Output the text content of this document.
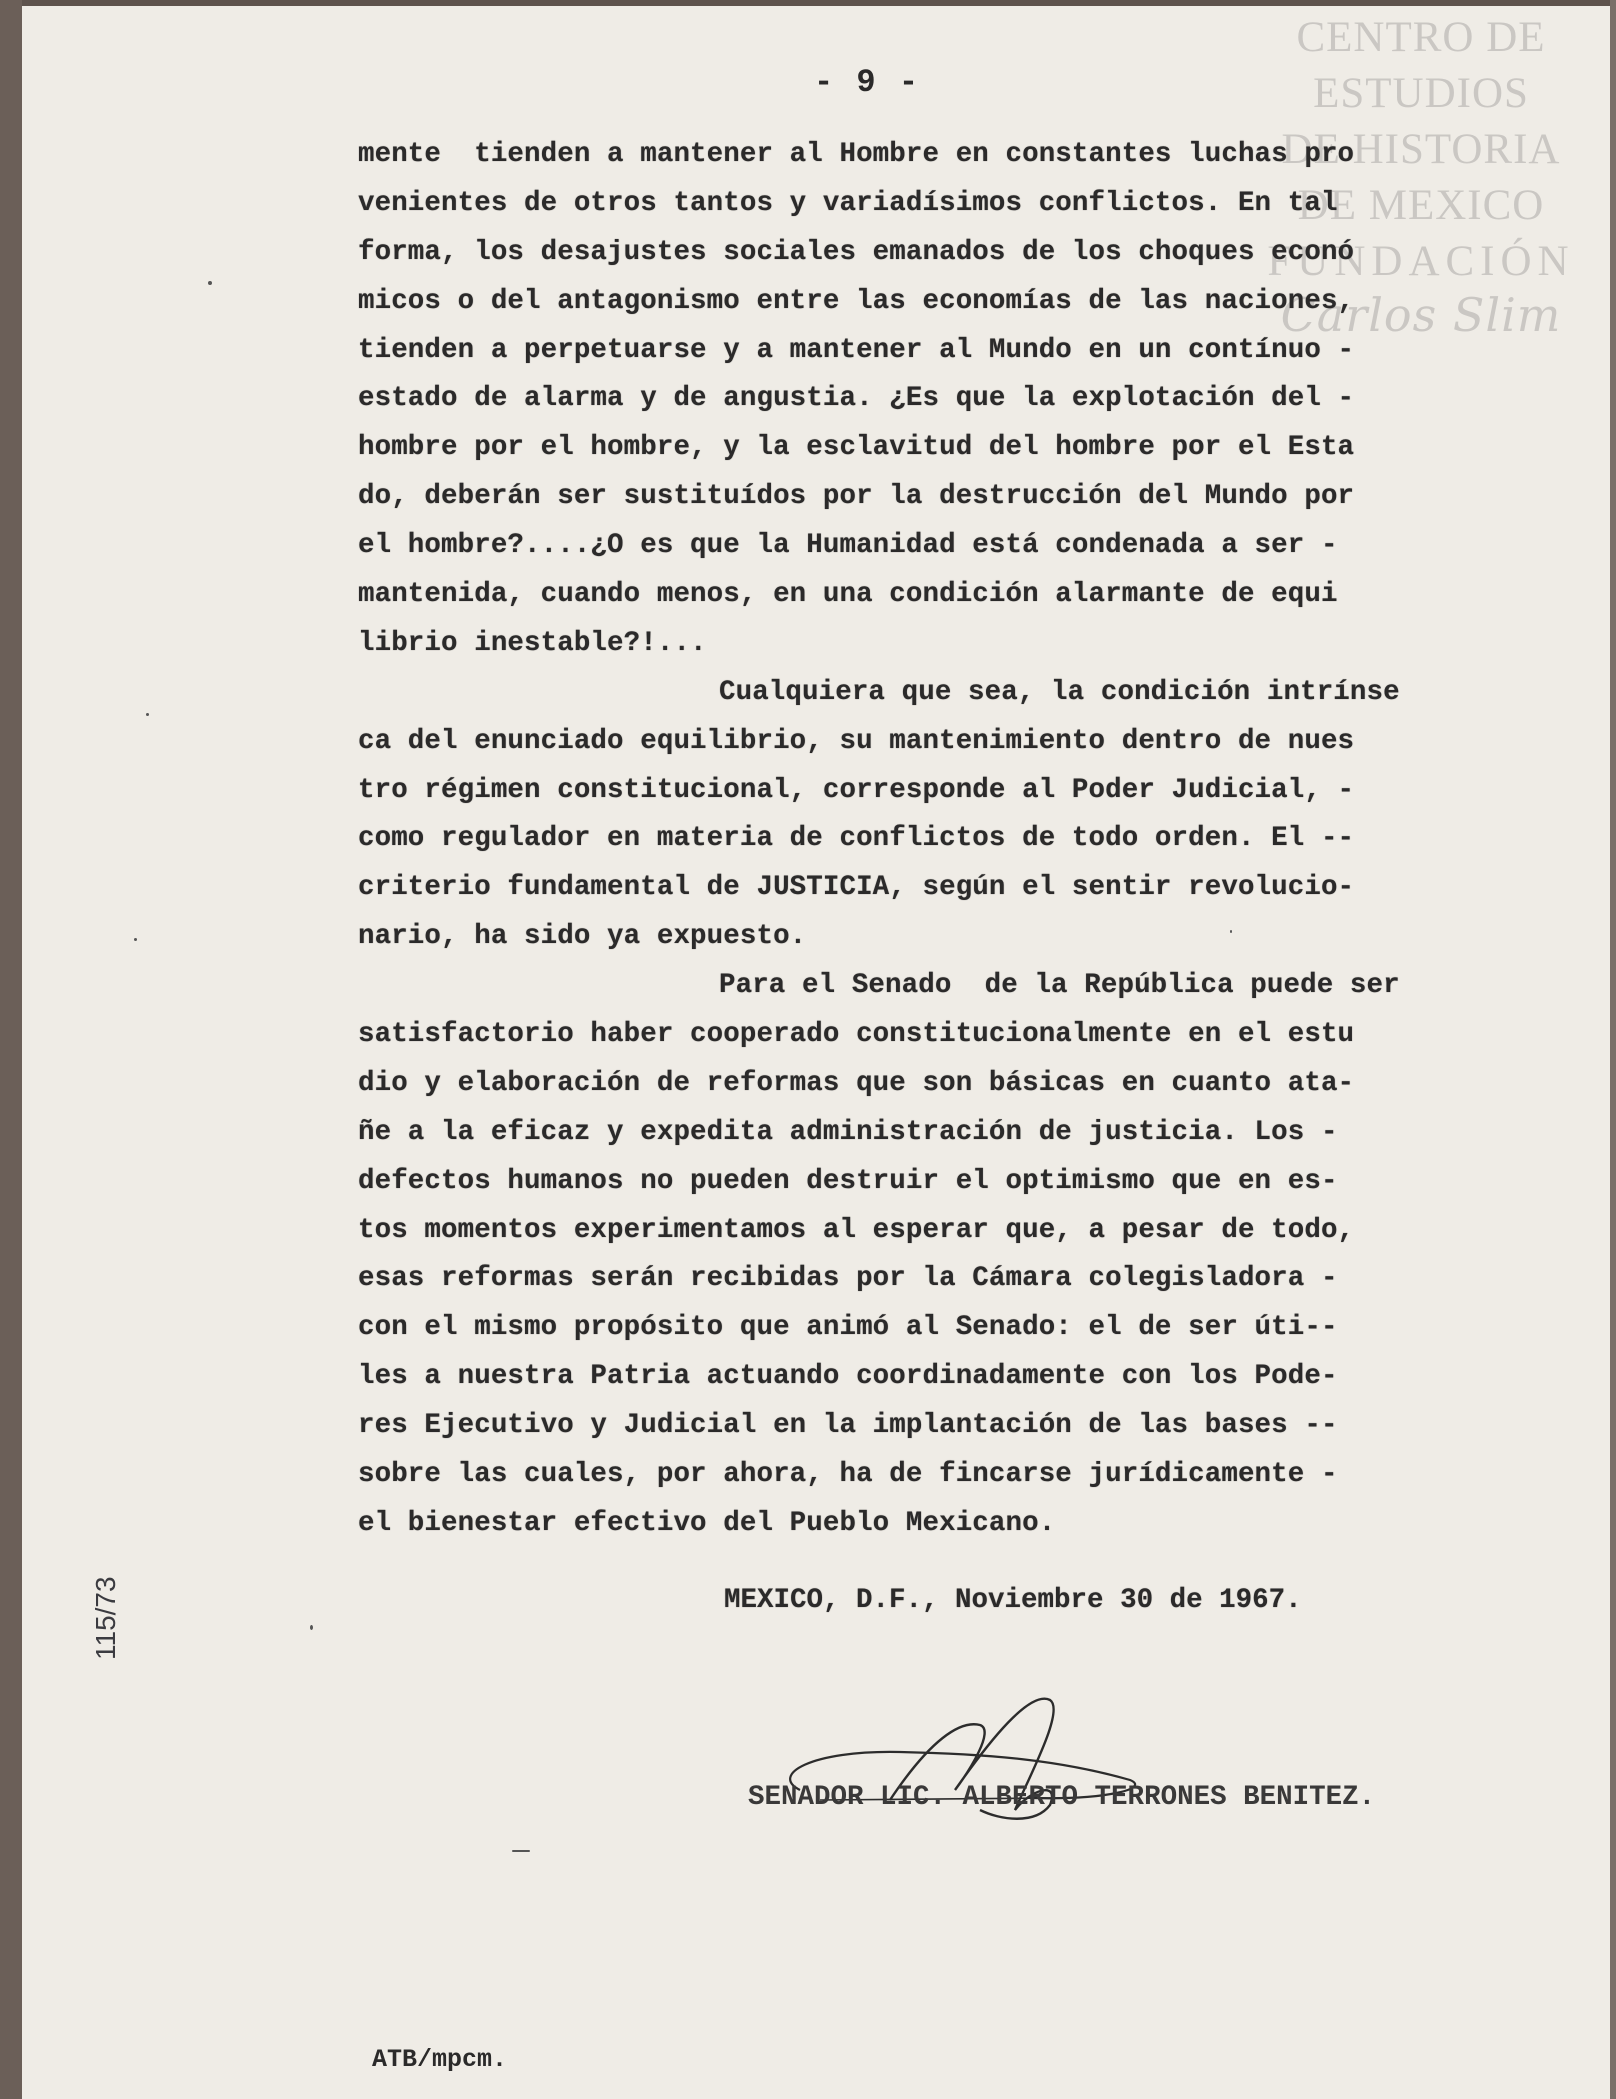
CENTRO DE
ESTUDIOS
DE HISTORIA
DE MEXICO
FUNDACIÓN
Carlos Slim
- 9 -
mente  tienden a mantener al Hombre en constantes luchas pro
venientes de otros tantos y variadísimos conflictos. En tal
forma, los desajustes sociales emanados de los choques econó
micos o del antagonismo entre las economías de las naciones,
tienden a perpetuarse y a mantener al Mundo en un contínuo -
estado de alarma y de angustia. ¿Es que la explotación del -
hombre por el hombre, y la esclavitud del hombre por el Esta
do, deberán ser sustituídos por la destrucción del Mundo por
el hombre?....¿O es que la Humanidad está condenada a ser -
mantenida, cuando menos, en una condición alarmante de equi
librio inestable?!...
Cualquiera que sea, la condición intrínse
ca del enunciado equilibrio, su mantenimiento dentro de nues
tro régimen constitucional, corresponde al Poder Judicial, -
como regulador en materia de conflictos de todo orden. El --
criterio fundamental de JUSTICIA, según el sentir revolucio-
nario, ha sido ya expuesto.
Para el Senado  de la República puede ser
satisfactorio haber cooperado constitucionalmente en el estu
dio y elaboración de reformas que son básicas en cuanto ata-
ñe a la eficaz y expedita administración de justicia. Los -
defectos humanos no pueden destruir el optimismo que en es-
tos momentos experimentamos al esperar que, a pesar de todo,
esas reformas serán recibidas por la Cámara colegisladora -
con el mismo propósito que animó al Senado: el de ser úti--
les a nuestra Patria actuando coordinadamente con los Pode-
res Ejecutivo y Judicial en la implantación de las bases --
sobre las cuales, por ahora, ha de fincarse jurídicamente -
el bienestar efectivo del Pueblo Mexicano.
MEXICO, D.F., Noviembre 30 de 1967.
SENADOR LIC. ALBERTO TERRONES BENITEZ.
115/73
ATB/mpcm.
